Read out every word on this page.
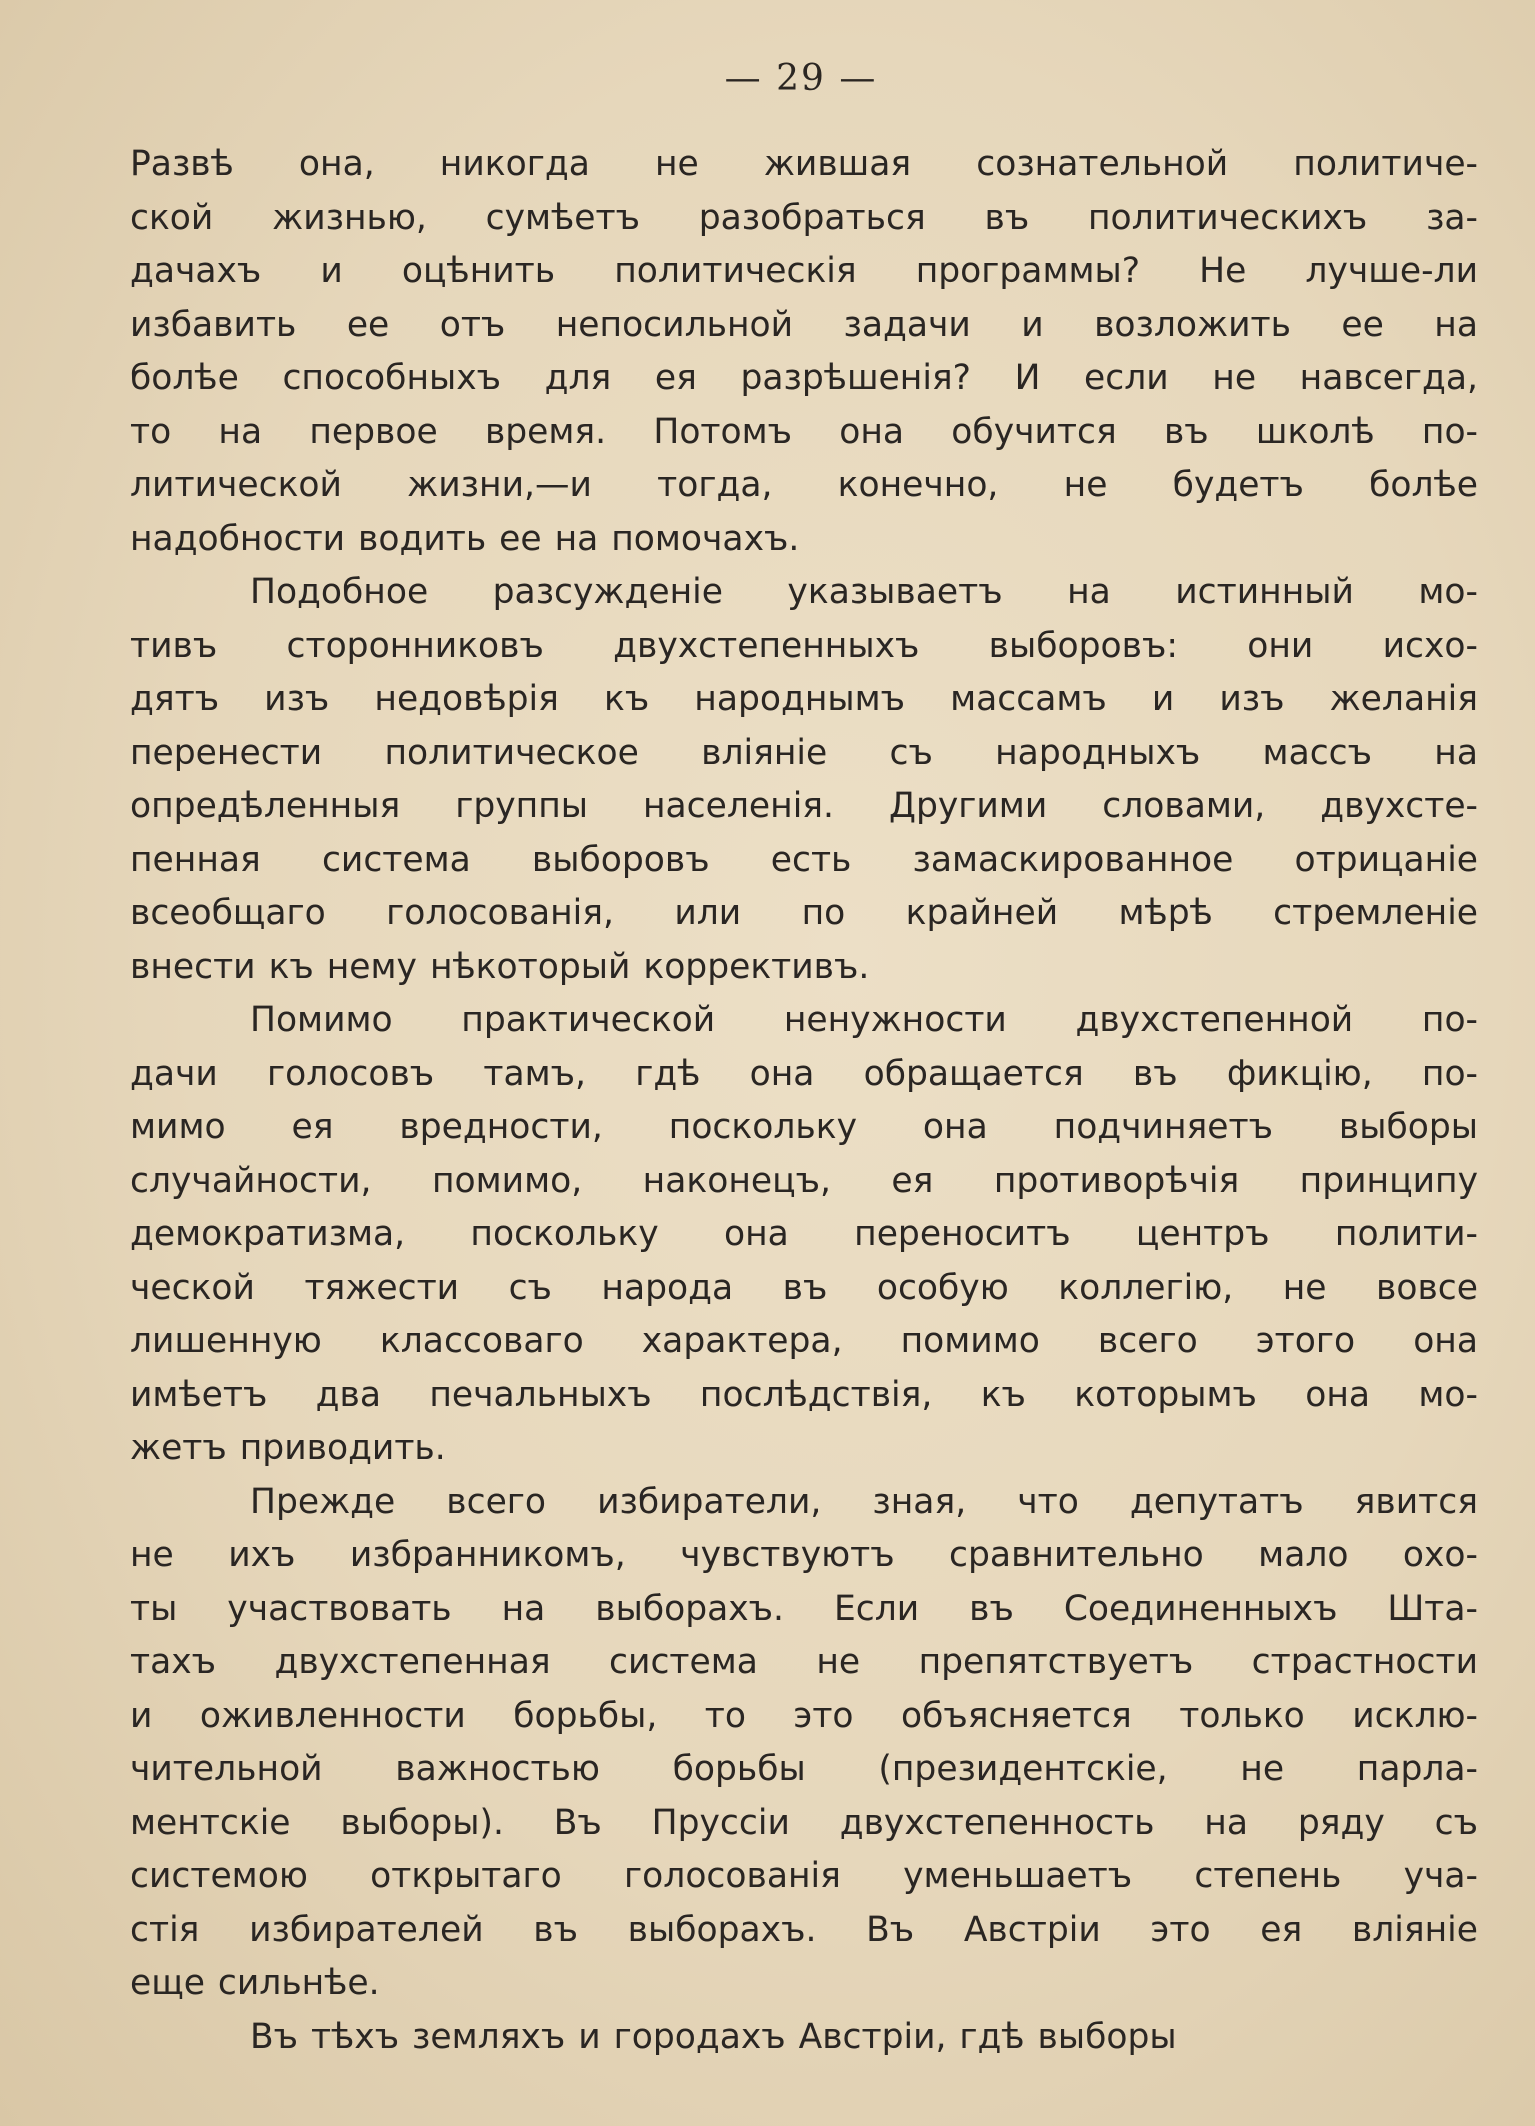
— 29 —
Развѣ она, никогда не жившая сознательной политиче-
ской жизнью, сумѣетъ разобраться въ политическихъ за-
дачахъ и оцѣнить политическія программы? Не лучше-ли
избавить ее отъ непосильной задачи и возложить ее на
болѣе способныхъ для ея разрѣшенія? И если не навсегда,
то на первое время. Потомъ она обучится въ школѣ по-
литической жизни,—и тогда, конечно, не будетъ болѣе
надобности водить ее на помочахъ.
Подобное разсужденіе указываетъ на истинный мо-
тивъ сторонниковъ двухстепенныхъ выборовъ: они исхо-
дятъ изъ недовѣрія къ народнымъ массамъ и изъ желанія
перенести политическое вліяніе съ народныхъ массъ на
опредѣленныя группы населенія. Другими словами, двухсте-
пенная система выборовъ есть замаскированное отрицаніе
всеобщаго голосованія, или по крайней мѣрѣ стремленіе
внести къ нему нѣкоторый коррективъ.
Помимо практической ненужности двухстепенной по-
дачи голосовъ тамъ, гдѣ она обращается въ фикцію, по-
мимо ея вредности, поскольку она подчиняетъ выборы
случайности, помимо, наконецъ, ея противорѣчія принципу
демократизма, поскольку она переноситъ центръ полити-
ческой тяжести съ народа въ особую коллегію, не вовсе
лишенную классоваго характера, помимо всего этого она
имѣетъ два печальныхъ послѣдствія, къ которымъ она мо-
жетъ приводить.
Прежде всего избиратели, зная, что депутатъ явится
не ихъ избранникомъ, чувствуютъ сравнительно мало охо-
ты участвовать на выборахъ. Если въ Соединенныхъ Шта-
тахъ двухстепенная система не препятствуетъ страстности
и оживленности борьбы, то это объясняется только исклю-
чительной важностью борьбы (президентскіе, не парла-
ментскіе выборы). Въ Пруссіи двухстепенность на ряду съ
системою открытаго голосованія уменьшаетъ степень уча-
стія избирателей въ выборахъ. Въ Австріи это ея вліяніе
еще сильнѣе.
Въ тѣхъ земляхъ и городахъ Австріи, гдѣ выборы
